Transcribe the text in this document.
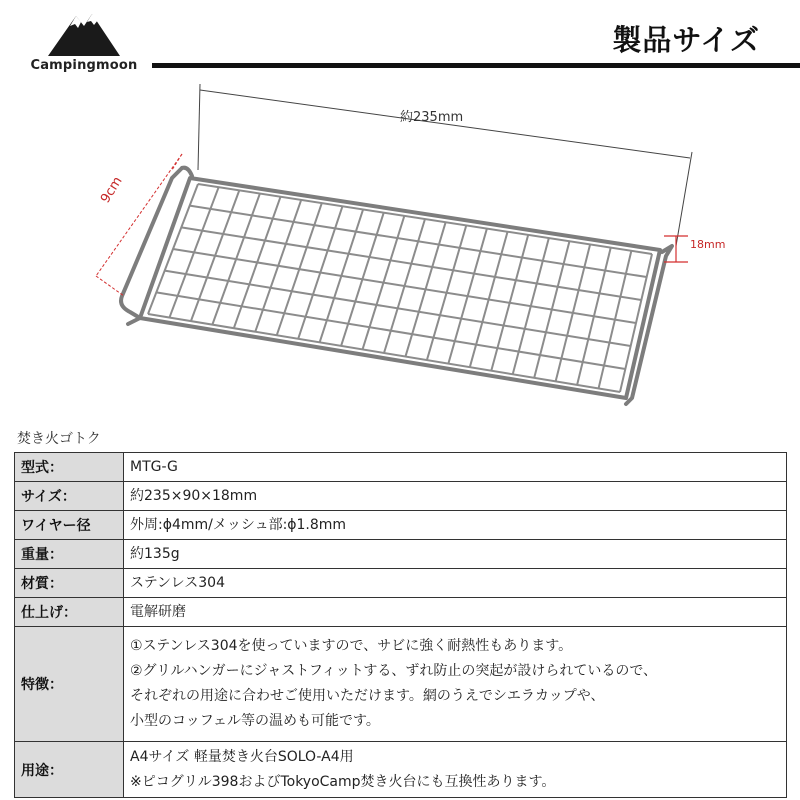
Campingmoon
製品サイズ
約235mm
9cm
18mm
焚き火ゴトク
型式：	MTG-G

サイズ：	約235×90×18mm

ワイヤー径	外周:ϕ4mm/メッシュ部:ϕ1.8mm

重量：	約135g

材質：	ステンレス304

仕上げ：	電解研磨

特徴：	①ステンレス304を使っていますので、サビに強く耐熱性もあります。
②グリルハンガーにジャストフィットする、ずれ防止の突起が設けられているので、
それぞれの用途に合わせご使用いただけます。網のうえでシエラカップや、
小型のコッフェル等の温めも可能です。

用途：	A4サイズ 軽量焚き火台SOLO-A4用
※ピコグリル398およびTokyoCamp焚き火台にも互換性あります。
